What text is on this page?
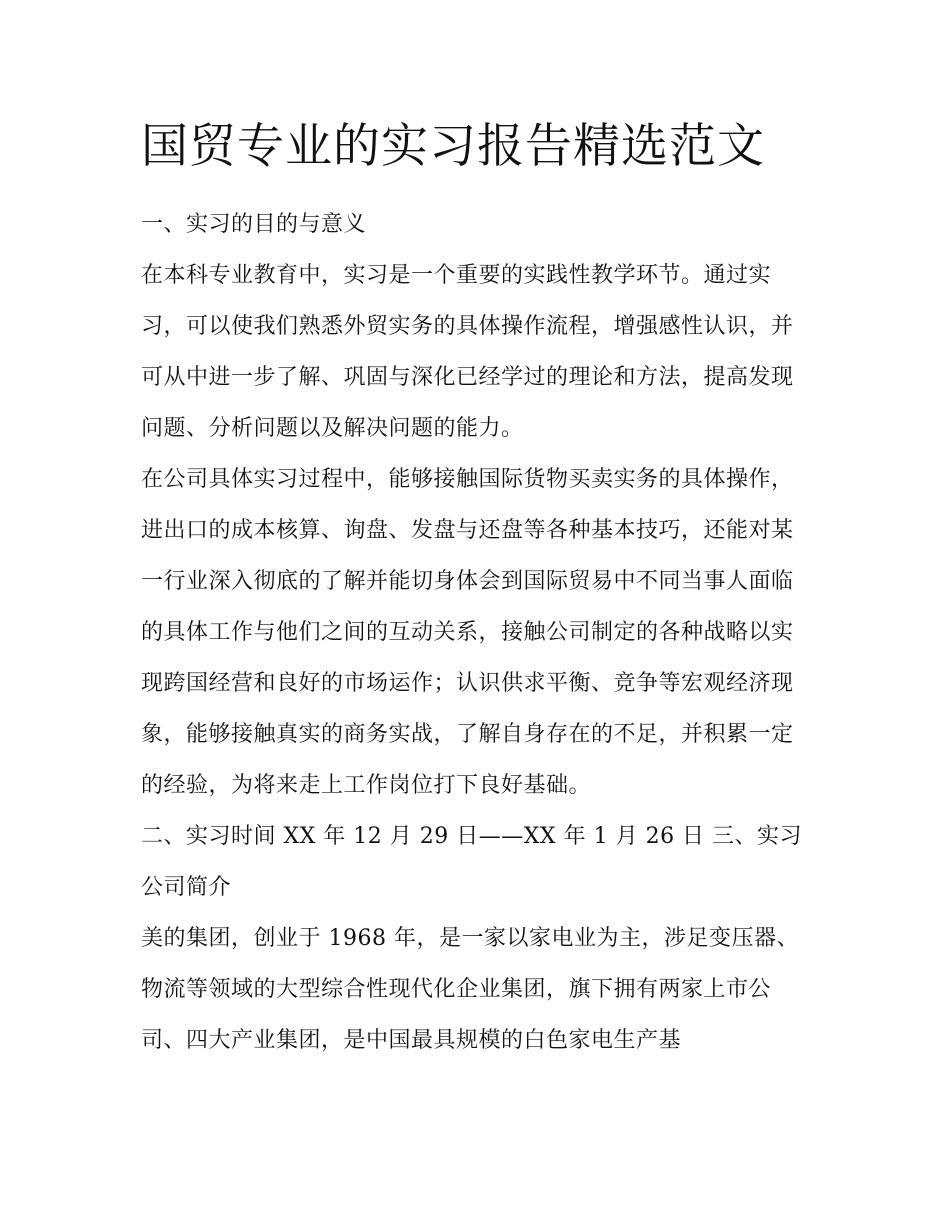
国贸专业的实习报告精选范文

一、实习的目的与意义

在本科专业教育中，实习是一个重要的实践性教学环节。通过实习，可以使我们熟悉外贸实务的具体操作流程，增强感性认识，并可从中进一步了解、巩固与深化已经学过的理论和方法，提高发现问题、分析问题以及解决问题的能力。

在公司具体实习过程中，能够接触国际货物买卖实务的具体操作，进出口的成本核算、询盘、发盘与还盘等各种基本技巧，还能对某一行业深入彻底的了解并能切身体会到国际贸易中不同当事人面临的具体工作与他们之间的互动关系，接触公司制定的各种战略以实现跨国经营和良好的市场运作；认识供求平衡、竞争等宏观经济现象，能够接触真实的商务实战，了解自身存在的不足，并积累一定的经验，为将来走上工作岗位打下良好基础。

二、实习时间 XX 年 12 月 29 日——XX 年 1 月 26 日 三、实习公司简介

美的集团，创业于 1968 年，是一家以家电业为主，涉足变压器、物流等领域的大型综合性现代化企业集团，旗下拥有两家上市公司、四大产业集团，是中国最具规模的白色家电生产基
